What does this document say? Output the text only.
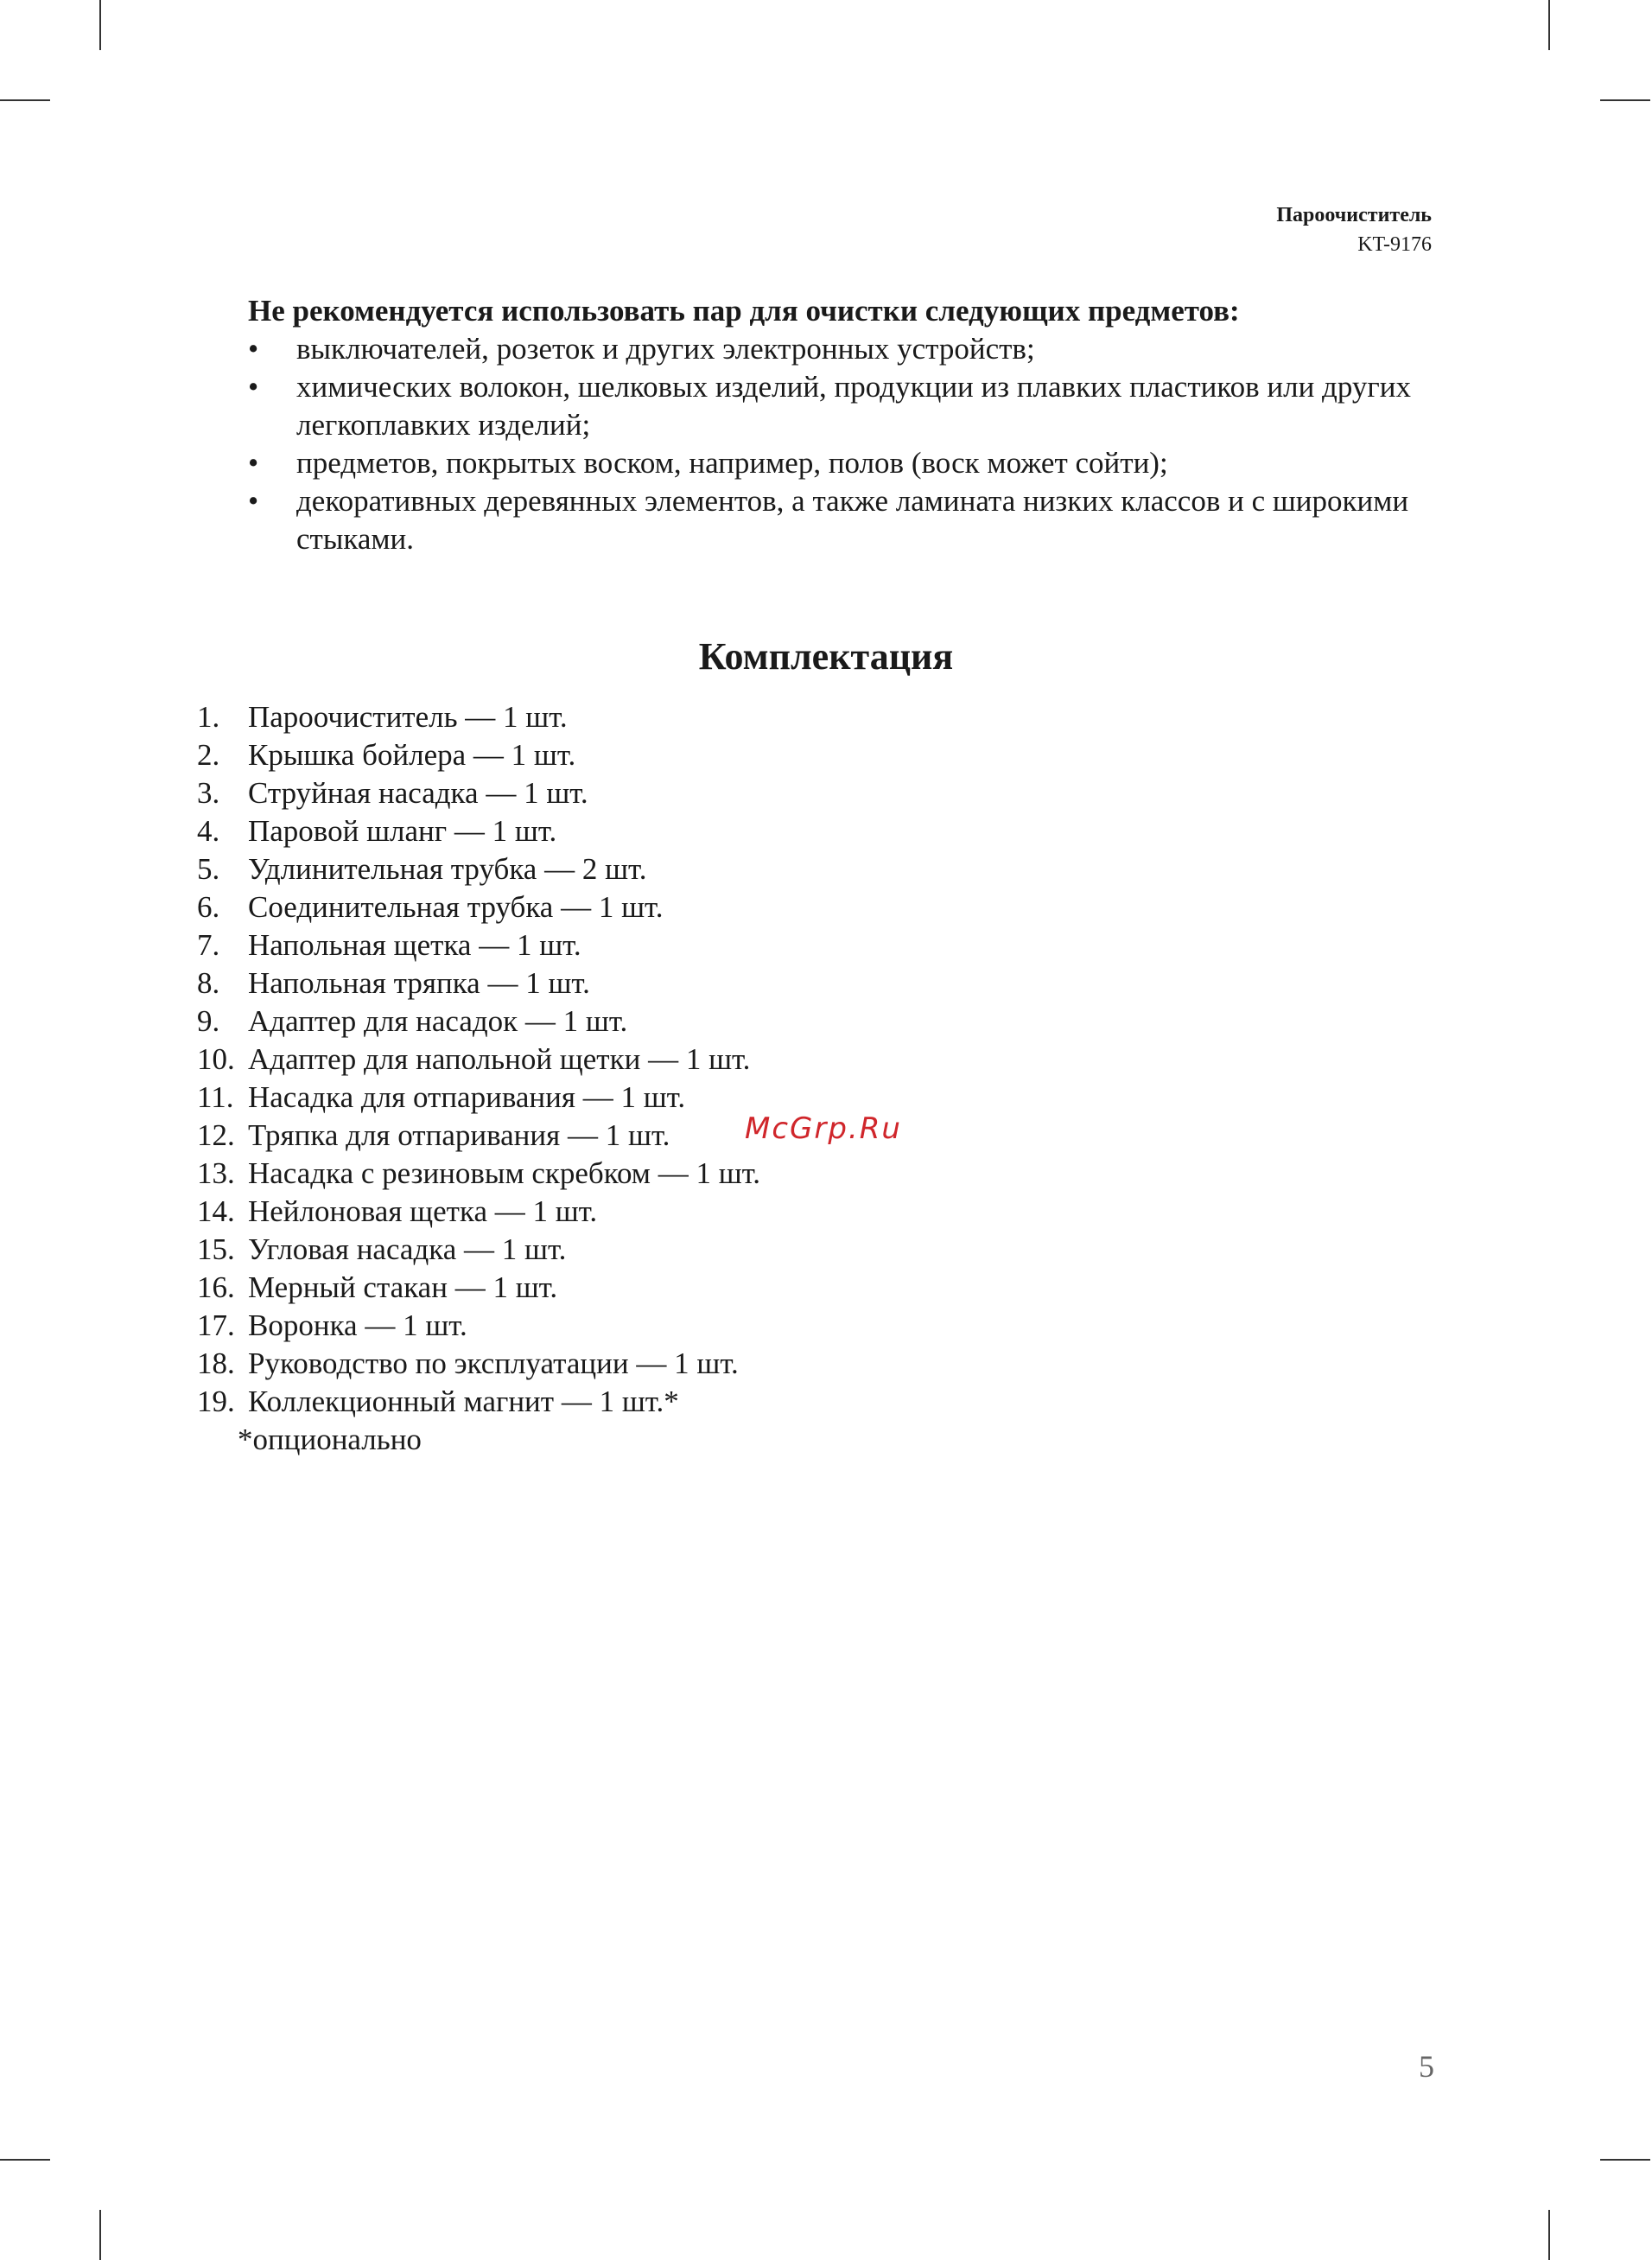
Пароочиститель
KT-9176
Не рекомендуется использовать пар для очистки следующих предметов:
• выключателей, розеток и других электронных устройств;
• химических волокон, шелковых изделий, продукции из плавких пластиков или других легкоплавких изделий;
• предметов, покрытых воском, например, полов (воск может сойти);
• декоративных деревянных элементов, а также ламината низких классов и с широкими стыками.
Комплектация
1. Пароочиститель — 1 шт.
2. Крышка бойлера — 1 шт.
3. Струйная насадка — 1 шт.
4. Паровой шланг — 1 шт.
5. Удлинительная трубка — 2 шт.
6. Соединительная трубка — 1 шт.
7. Напольная щетка — 1 шт.
8. Напольная тряпка — 1 шт.
9. Адаптер для насадок — 1 шт.
10. Адаптер для напольной щетки — 1 шт.
11. Насадка для отпаривания — 1 шт.
12. Тряпка для отпаривания — 1 шт.
13. Насадка с резиновым скребком — 1 шт.
14. Нейлоновая щетка — 1 шт.
15. Угловая насадка — 1 шт.
16. Мерный стакан — 1 шт.
17. Воронка — 1 шт.
18. Руководство по эксплуатации — 1 шт.
19. Коллекционный магнит — 1 шт.*
*опционально
McGrp.Ru
5
